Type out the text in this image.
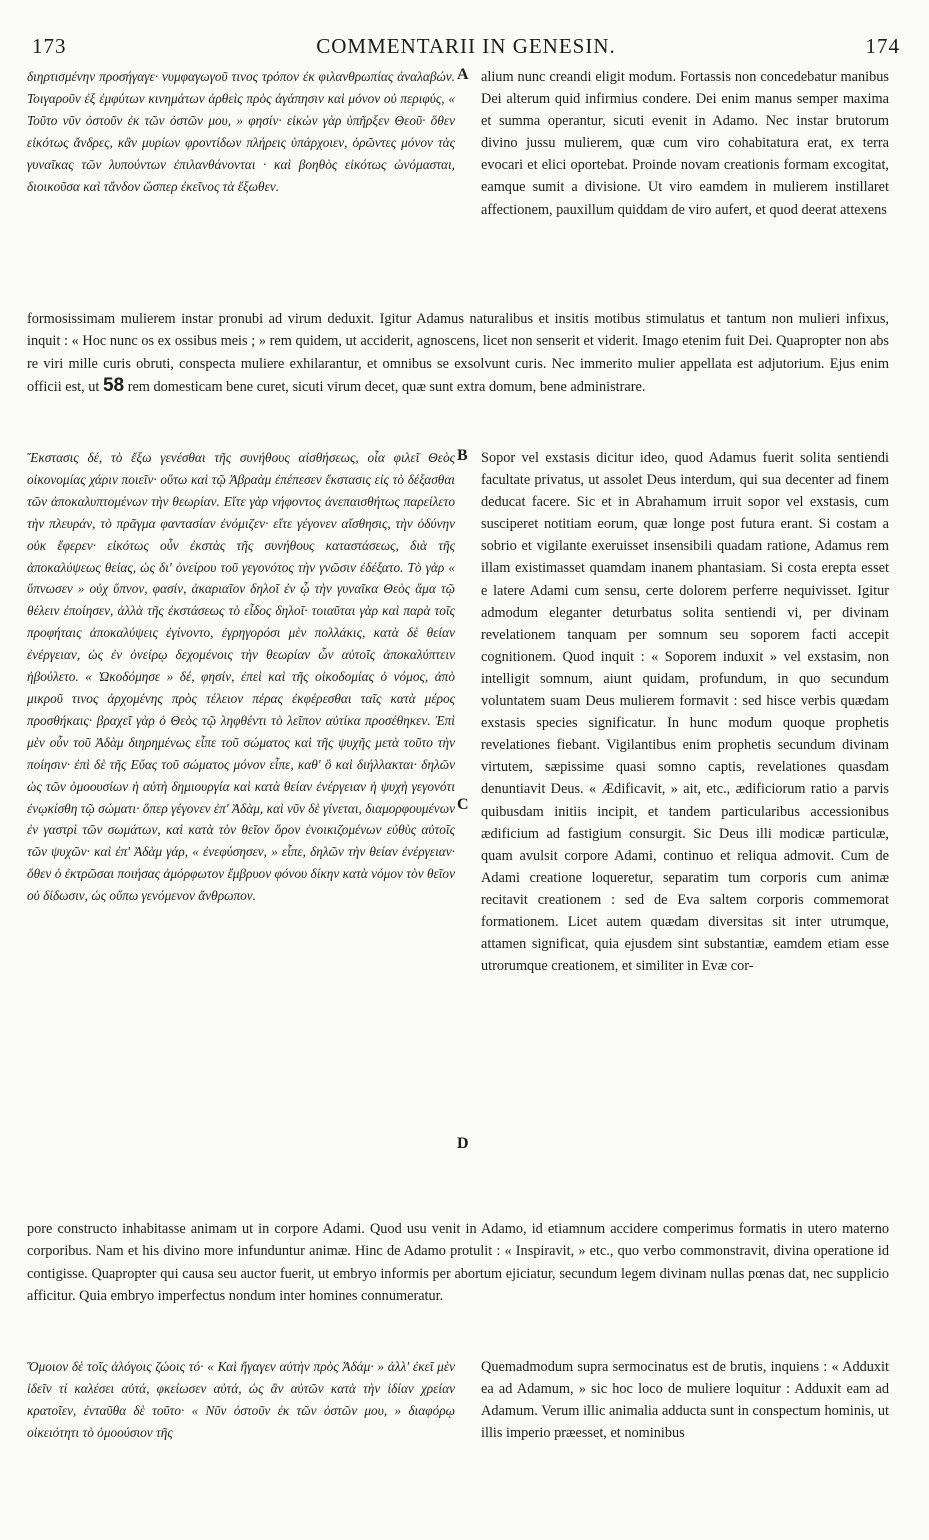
173	COMMENTARII IN GENESIN.	174
διηρτισμένην προσήγαγε· νυμφαγωγοῦ τινος τρόπον ἐκ φιλανθρωπίας ἀναλαβών. Τοιγαροῦν ἐξ ἐμφύτων κινημάτων ἀρθεὶς πρὸς ἀγάπησιν καὶ μόνον οὐ περιφύς, « Τοῦτο νῦν ὀστοῦν ἐκ τῶν ὀστῶν μου, » φησίν· εἰκὼν γὰρ ὑπῆρξεν Θεοῦ· ὅθεν εἰκότως ἄνδρες, κἂν μυρίων φροντίδων πλήρεις ὑπάρχοιεν, ὁρῶντες μόνον τὰς γυναῖκας τῶν λυπούντων ἐπιλανθάνονται · καὶ βοηθὸς εἰκότως ὠνόμασται, διοικοῦσα καὶ τἄνδον ὥσπερ ἐκεῖνος τὰ ἔξωθεν.
A alium nunc creandi eligit modum. Fortassis non concedebatur manibus Dei alterum quid infirmius condere. Dei enim manus semper maxima et summa operantur, sicuti evenit in Adamo. Nec instar brutorum divino jussu mulierem, quæ cum viro cohabitatura erat, ex terra evocari et elici oportebat. Proinde novam creationis formam excogitat, eamque sumit a divisione. Ut viro eamdem in mulierem instillaret affectionem, pauxillum quiddam de viro aufert, et quod deerat attexens
formosissimam mulierem instar pronubi ad virum deduxit. Igitur Adamus naturalibus et insitis motibus stimulatus et tantum non mulieri infixus, inquit : « Hoc nunc os ex ossibus meis ; » rem quidem, ut acciderit, agnoscens, licet non senserit et viderit. Imago etenim fuit Dei. Quapropter non abs re viri mille curis obruti, conspecta muliere exhilarantur, et omnibus se exsolvunt curis. Nec immerito mulier appellata est adjutorium. Ejus enim officii est, ut 58 rem domesticam bene curet, sicuti virum decet, quæ sunt extra domum, bene administrare.
B
Ἔκστασις δέ, τὸ ἔξω γενέσθαι τῆς συνήθους αἰσθήσεως, οἷα φιλεῖ Θεὸς οἰκονομίας χάριν ποιεῖν· οὕτω καὶ τῷ Ἀβραὰμ ἐπέπεσεν ἔκστασις εἰς τὸ δέξασθαι τῶν ἀποκαλυπτομένων τὴν θεωρίαν. Εἴτε γὰρ νήφοντος ἀνεπαισθήτως παρείλετο τὴν πλευράν, τὸ πρᾶγμα φαντασίαν ἐνόμιζεν· εἴτε γέγονεν αἴσθησις, τὴν ὀδύνην οὐκ ἔφερεν· εἰκότως οὖν ἐκστὰς τῆς συνήθους καταστάσεως, διὰ τῆς ἀποκαλύψεως θείας, ὡς δι' ὀνείρου τοῦ γεγονότος τὴν γνῶσιν ἐδέξατο. Τὸ γὰρ « ὕπνωσεν » οὐχ ὕπνον, φασίν, ἀκαριαῖον δηλοῖ ἐν ᾧ τὴν γυναῖκα Θεὸς ἅμα τῷ θέλειν ἐποίησεν, ἀλλὰ τῆς ἐκστάσεως τὸ εἶδος δηλοῖ· τοιαῦται γὰρ καὶ παρὰ τοῖς προφήταις ἀποκαλύψεις ἐγίνοντο, ἐγρηγορόσι μὲν πολλάκις, κατὰ δὲ θείαν ἐνέργειαν, ὡς ἐν ὀνείρῳ δεχομένοις τὴν θεωρίαν ὧν αὐτοῖς ἀποκαλύπτειν ἠβούλετο. « Ὠκοδόμησε » δέ, φησίν, ἐπεὶ καὶ τῆς οἰκοδομίας ὁ νόμος, ἀπὸ μικροῦ τινος ἀρχομένης πρὸς τέλειον πέρας ἐκφέρεσθαι ταῖς κατὰ μέρος προσθήκαις· βραχεῖ γὰρ ὁ Θεὸς τῷ ληφθέντι τὸ λεῖπον αὐτίκα προσέθηκεν. Ἐπὶ μὲν οὖν τοῦ Ἀδὰμ διηρημένως εἶπε τοῦ σώματος καὶ τῆς ψυχῆς μετὰ τοῦτο τὴν ποίησιν· ἐπὶ δὲ τῆς Εὔας τοῦ σώματος μόνον εἶπε, καθ' ὃ καὶ διήλλακται· δηλῶν ὡς τῶν ὁμοουσίων ἡ αὐτὴ δημιουργία καὶ κατὰ θείαν ἐνέργειαν ἡ ψυχὴ γεγονότι ἐνῳκίσθη τῷ σώματι· ὅπερ γέγονεν ἐπ' Ἀδὰμ, καὶ νῦν δὲ γίνεται, διαμορφουμένων ἐν γαστρὶ τῶν σωμάτων, καὶ κατὰ τὸν θεῖον ὅρον ἐνοικιζομένων εὐθὺς αὐτοῖς τῶν ψυχῶν· καὶ ἐπ' Ἀδὰμ γάρ, « ἐνεφύσησεν, » εἶπε, δηλῶν τὴν θείαν ἐνέργειαν· ὅθεν ὁ ἐκτρῶσαι ποιήσας ἀμόρφωτον ἔμβρυον φόνου δίκην κατὰ νόμον τὸν θεῖον οὐ δίδωσιν, ὡς οὔπω γενόμενον ἄνθρωπον.
Sopor vel exstasis dicitur ideo, quod Adamus fuerit solita sentiendi facultate privatus, ut assolet Deus interdum, qui sua decenter ad finem deducat facere. Sic et in Abrahamum irruit sopor vel exstasis, cum susciperet notitiam eorum, quæ longe post futura erant. Si costam a sobrio et vigilante exeruisset insensibili quadam ratione, Adamus rem illam existimasset quamdam inanem phantasiam. Si costa erepta esset e latere Adami cum sensu, certe dolorem perferre nequivisset. Igitur admodum eleganter deturbatus solita sentiendi vi, per divinam revelationem tanquam per somnum seu soporem facti accepit cognitionem. Quod inquit : « Soporem induxit » vel exstasim, non intelligit somnum, aiunt quidam, profundum, in quo secundum voluntatem suam Deus mulierem formavit : sed hisce verbis quædam exstasis species significatur. In hunc modum quoque prophetis revelationes fiebant. Vigilantibus enim prophetis secundum divinam virtutem, sæpissime quasi somno captis, revelationes quasdam denuntiavit Deus. « Ædificavit, » ait, etc., ædificiorum ratio a parvis quibusdam initiis incipit, et tandem particularibus accessionibus ædificium ad fastigium consurgit. Sic Deus illi modicæ particulæ, quam avulsit corpore Adami, continuo et reliqua admovit. Cum de Adami creatione loqueretur, separatim tum corporis cum animæ recitavit creationem : sed de Eva saltem corporis commemorat formationem. Licet autem quædam diversitas sit inter utrumque, attamen significat, quia ejusdem sint substantiæ, eamdem etiam esse utrorumque creationem, et similiter in Evæ cor-
C
D
pore constructo inhabitasse animam ut in corpore Adami. Quod usu venit in Adamo, id etiamnum accidere comperimus formatis in utero materno corporibus. Nam et his divino more infunduntur animæ. Hinc de Adamo protulit : « Inspiravit, » etc., quo verbo commonstravit, divina operatione id contigisse. Quapropter qui causa seu auctor fuerit, ut embryo informis per abortum ejiciatur, secundum legem divinam nullas pœnas dat, nec supplicio afficitur. Quia embryo imperfectus nondum inter homines connumeratur.
Ὅμοιον δὲ τοῖς ἀλόγοις ζώοις τό· « Καὶ ἤγαγεν αὐτὴν πρὸς Ἀδάμ· » ἀλλ' ἐκεῖ μὲν ἰδεῖν τί καλέσει αὐτά, φκείωσεν αὐτά, ὡς ἂν αὐτῶν κατὰ τὴν ἰδίαν χρείαν κρατοῖεν, ἐνταῦθα δὲ τοῦτο· « Νῦν ὀστοῦν ἐκ τῶν ὀστῶν μου, » διαφόρῳ οἰκειότητι τὸ ὁμοούσιον τῆς
Quemadmodum supra sermocinatus est de brutis, inquiens : « Adduxit ea ad Adamum, » sic hoc loco de muliere loquitur : Adduxit eam ad Adamum. Verum illic animalia adducta sunt in conspectum hominis, ut illis imperio præesset, et nominibus
